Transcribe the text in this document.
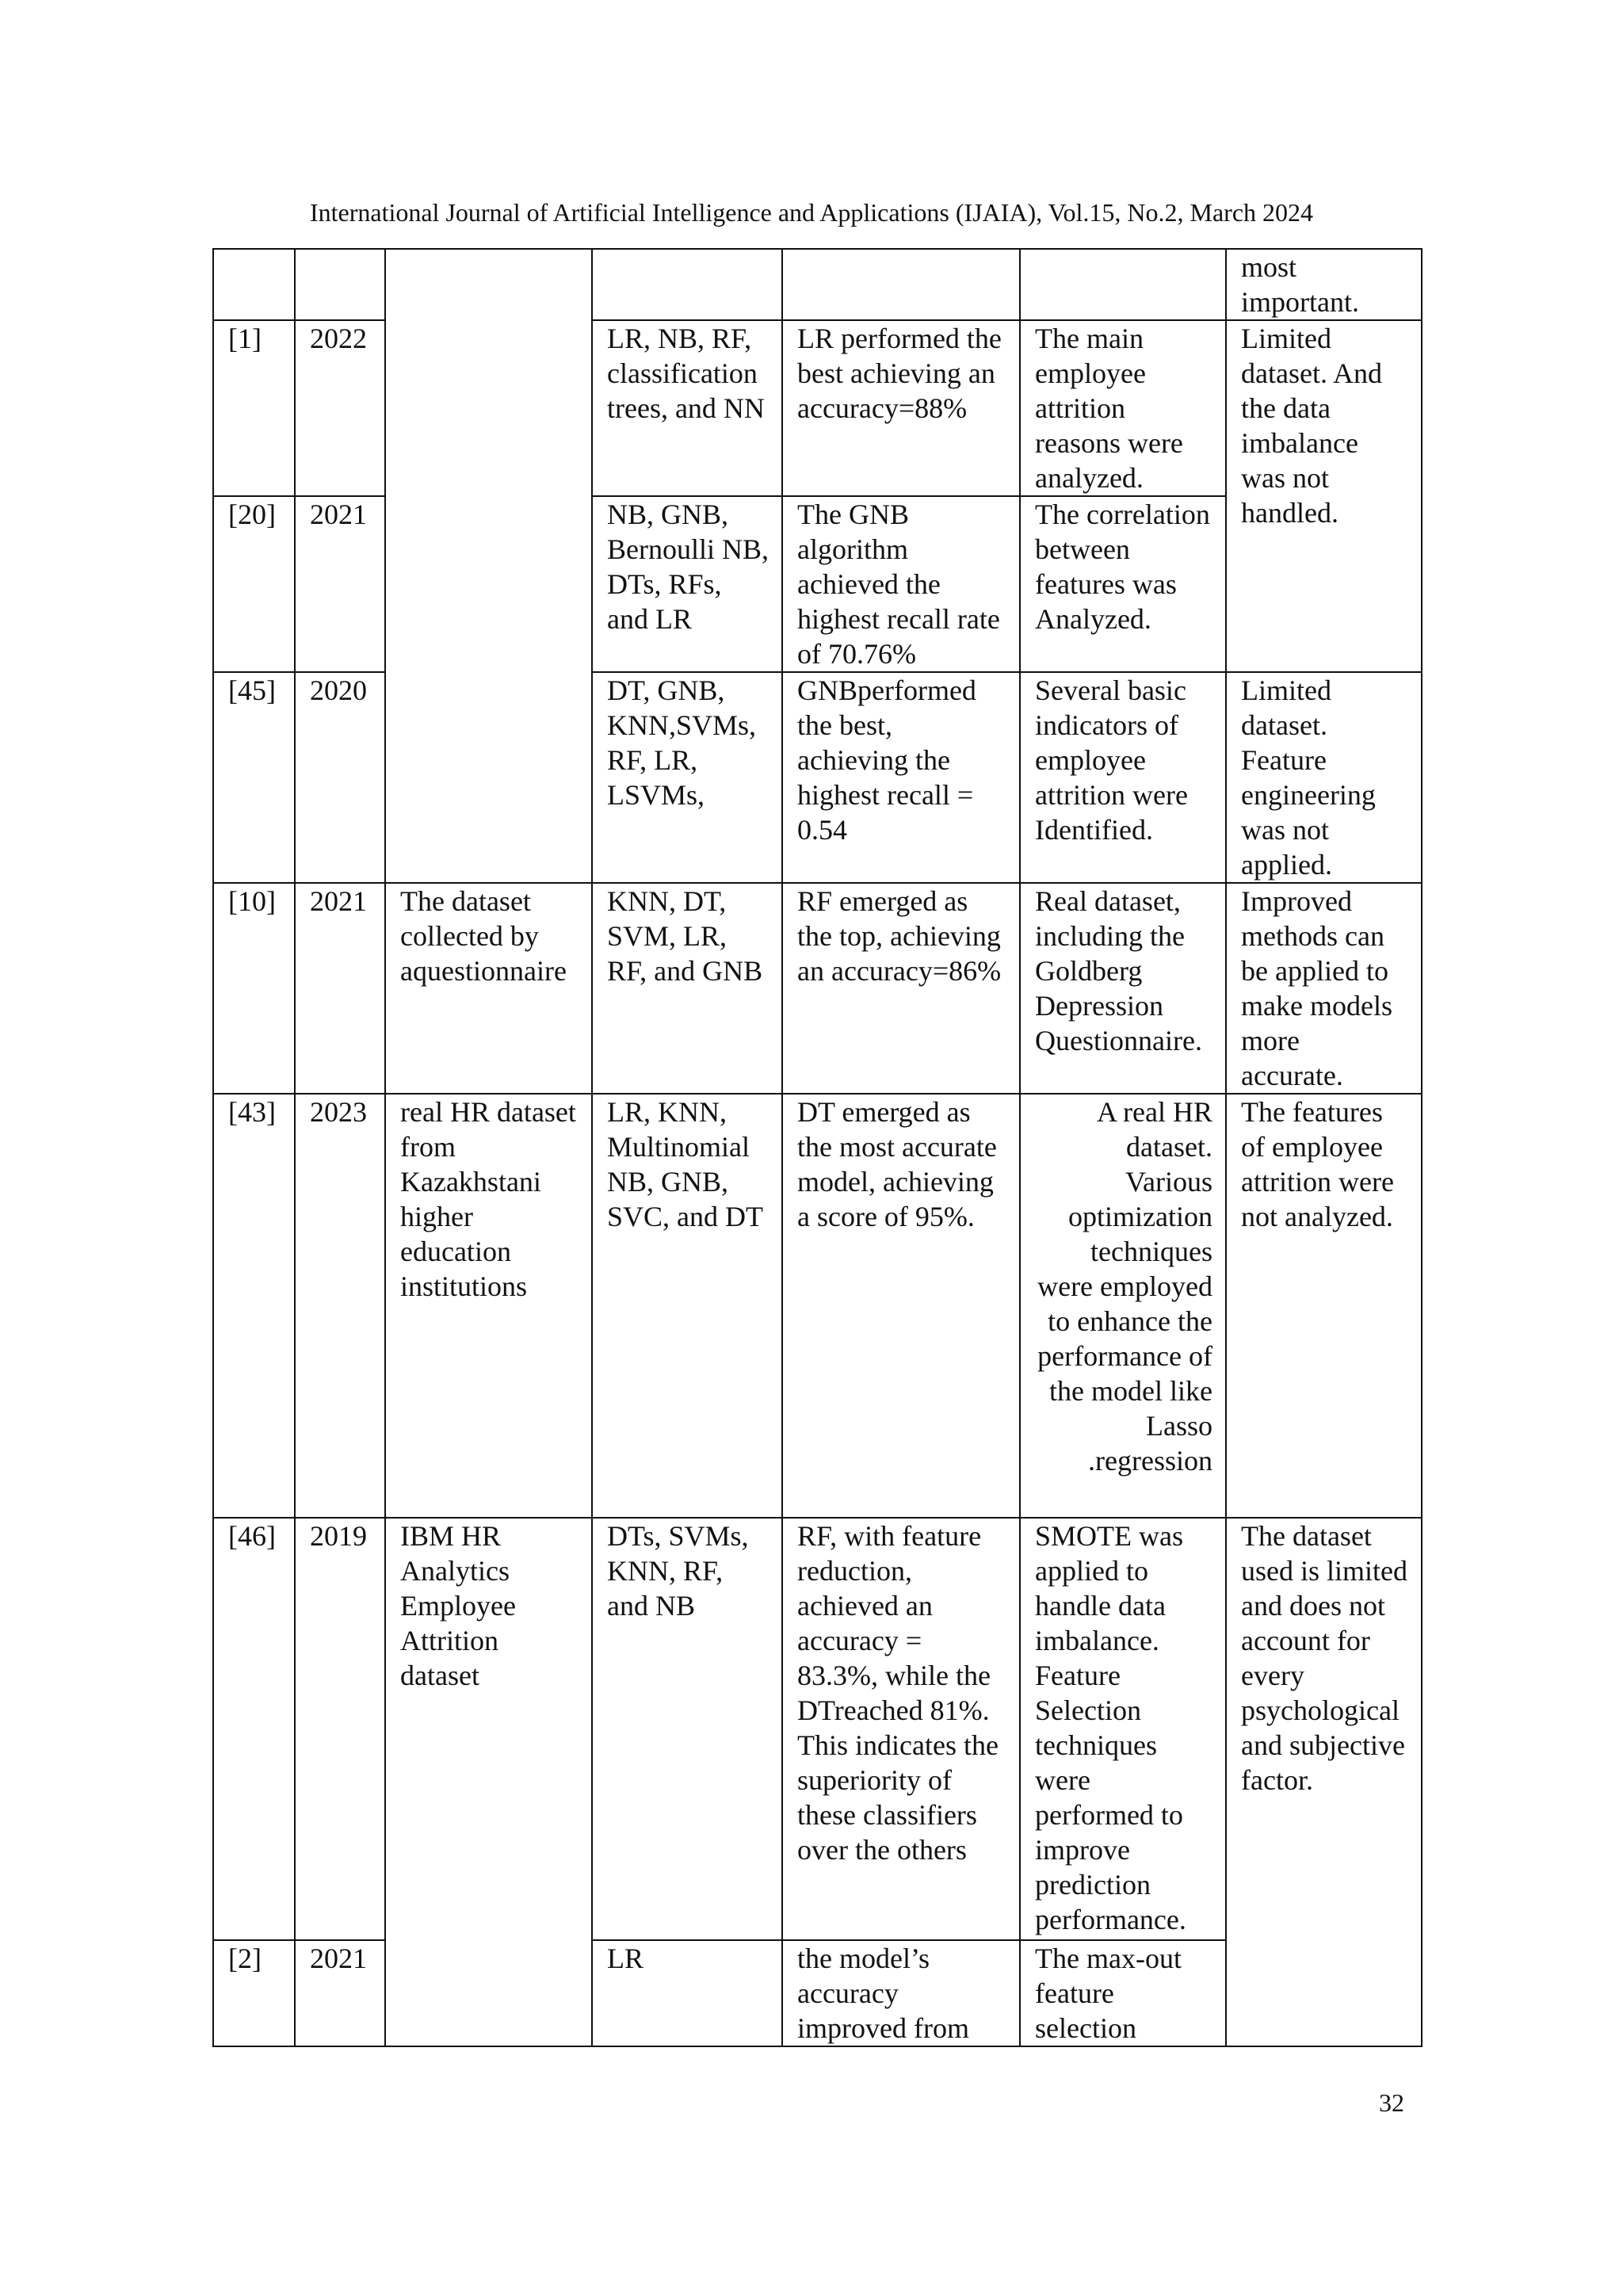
International Journal of Artificial Intelligence and Applications (IJAIA), Vol.15, No.2, March 2024
						most important.
[1]	2022		LR, NB, RF, classification trees, and NN	LR performed the best achieving an accuracy=88%	The main employee attrition reasons were analyzed.	Limited dataset. And the data imbalance was not handled.
[20]	2021		NB, GNB, Bernoulli NB, DTs, RFs, and LR	The GNB algorithm achieved the highest recall rate of 70.76%	The correlation between features was Analyzed.	
[45]	2020		DT, GNB, KNN,SVMs, RF, LR, LSVMs,	GNBperformed the best, achieving the highest recall = 0.54	Several basic indicators of employee attrition were Identified.	Limited dataset. Feature engineering was not applied.
[10]	2021	The dataset collected by aquestionnaire	KNN, DT, SVM, LR, RF, and GNB	RF emerged as the top, achieving an accuracy=86%	Real dataset, including the Goldberg Depression Questionnaire.	Improved methods can be applied to make models more accurate.
[43]	2023	real HR dataset from Kazakhstani higher education institutions	LR, KNN, Multinomial NB, GNB, SVC, and DT	DT emerged as the most accurate model, achieving a score of 95%.	A real HR dataset. Various optimization techniques were employed to enhance the performance of the model like Lasso .regression	The features of employee attrition were not analyzed.
[46]	2019	IBM HR Analytics Employee Attrition dataset	DTs, SVMs, KNN, RF, and NB	RF, with feature reduction, achieved an accuracy = 83.3%, while the DTreached 81%. This indicates the superiority of these classifiers over the others	SMOTE was applied to handle data imbalance. Feature Selection techniques were performed to improve prediction performance.	The dataset used is limited and does not account for every psychological and subjective factor.
[2]	2021		LR	the model’s accuracy improved from	The max-out feature selection	
32
